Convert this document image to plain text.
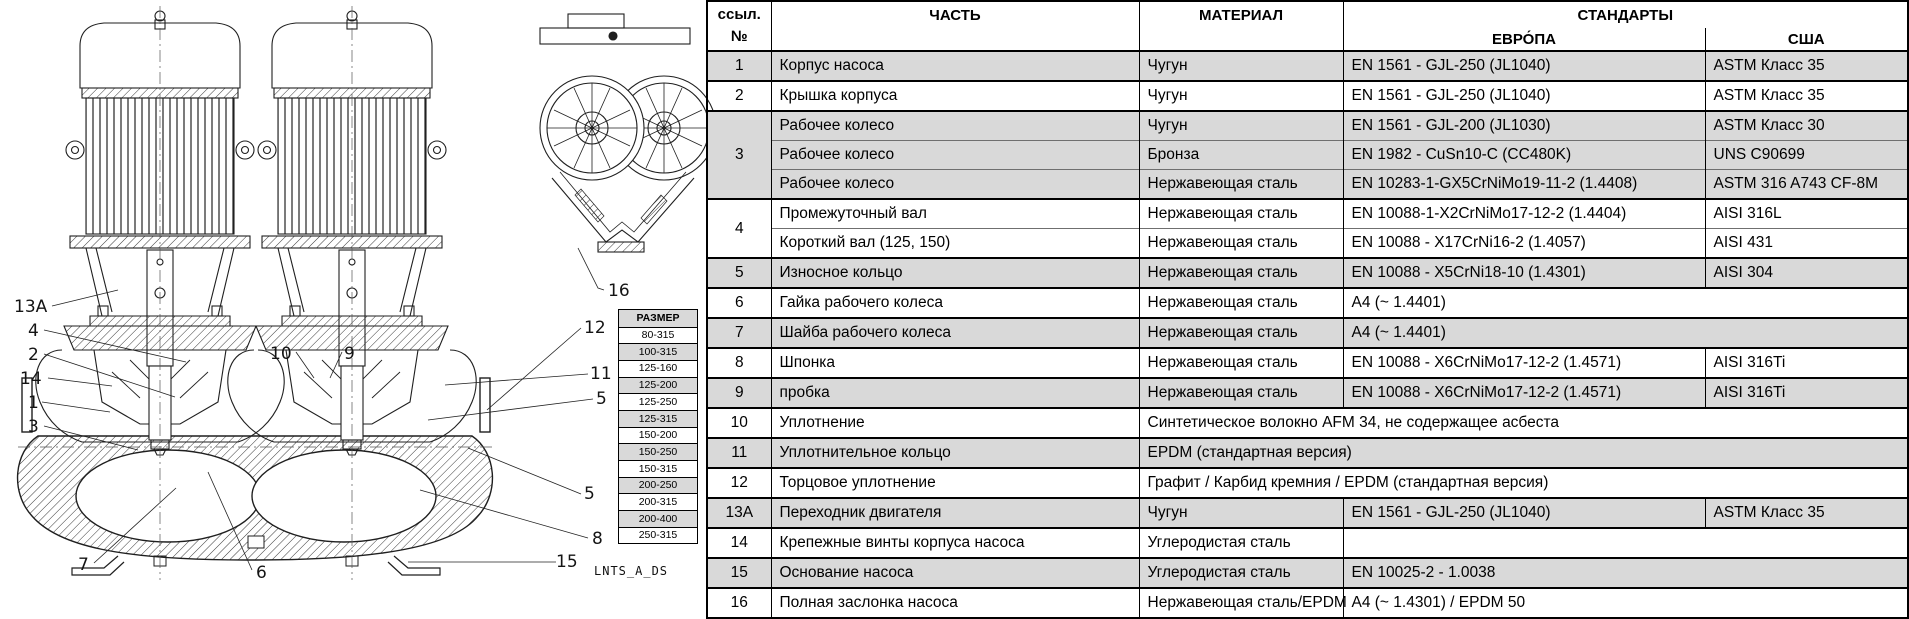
13A
4
2
14
1
3
7	6
10	9
12
11
5
5
8
15
16
РАЗМЕР
80-315
100-315
125-160
125-200
125-250
125-315
150-200
150-250
150-315
200-250
200-315
200-400
250-315
LNTS_A_DS
ссыл.
№	ЧАСТЬ	МАТЕРИАЛ	СТАНДАРТЫ	
			ЕВРО́ПА	США
1	Корпус насоса	Чугун	EN 1561 - GJL-250 (JL1040)	ASTM Класс 35
2	Крышка корпуса	Чугун	EN 1561 - GJL-250 (JL1040)	ASTM Класс 35
3	Рабочее колесо	Чугун	EN 1561 - GJL-200 (JL1030)	ASTM Класс 30
	Рабочее колесо	Бронза	EN 1982 - CuSn10-C (CC480K)	UNS C90699
	Рабочее колесо	Нержавеющая сталь	EN 10283-1-GX5CrNiMo19-11-2 (1.4408)	ASTM 316 A743 CF-8M
4	Промежуточный вал	Нержавеющая сталь	EN 10088-1-X2CrNiMo17-12-2 (1.4404)	AISI 316L
	Короткий вал (125, 150)	Нержавеющая сталь	EN 10088 - X17CrNi16-2 (1.4057)	AISI 431
5	Износное кольцо	Нержавеющая сталь	EN 10088 - X5CrNi18-10 (1.4301)	AISI 304
6	Гайка рабочего колеса	Нержавеющая сталь	A4 (~ 1.4401)	
7	Шайба рабочего колеса	Нержавеющая сталь	A4 (~ 1.4401)	
8	Шпонка	Нержавеющая сталь	EN 10088 - X6CrNiMo17-12-2 (1.4571)	AISI 316Ti
9	пробка	Нержавеющая сталь	EN 10088 - X6CrNiMo17-12-2 (1.4571)	AISI 316Ti
10	Уплотнение	Синтетическое волокно AFM 34, не содержащее асбеста		
11	Уплотнительное кольцо	EPDM (стандартная версия)		
12	Торцовое уплотнение	Графит / Карбид кремния / EPDM (стандартная версия)		
13A	Переходник двигателя	Чугун	EN 1561 - GJL-250 (JL1040)	ASTM Класс 35
14	Крепежные винты корпуса насоса	Углеродистая сталь		
15	Основание насоса	Углеродистая сталь	EN 10025-2 - 1.0038	
16	Полная заслонка насоса	Нержавеющая сталь/EPDM	A4 (~ 1.4301) / EPDM 50	
